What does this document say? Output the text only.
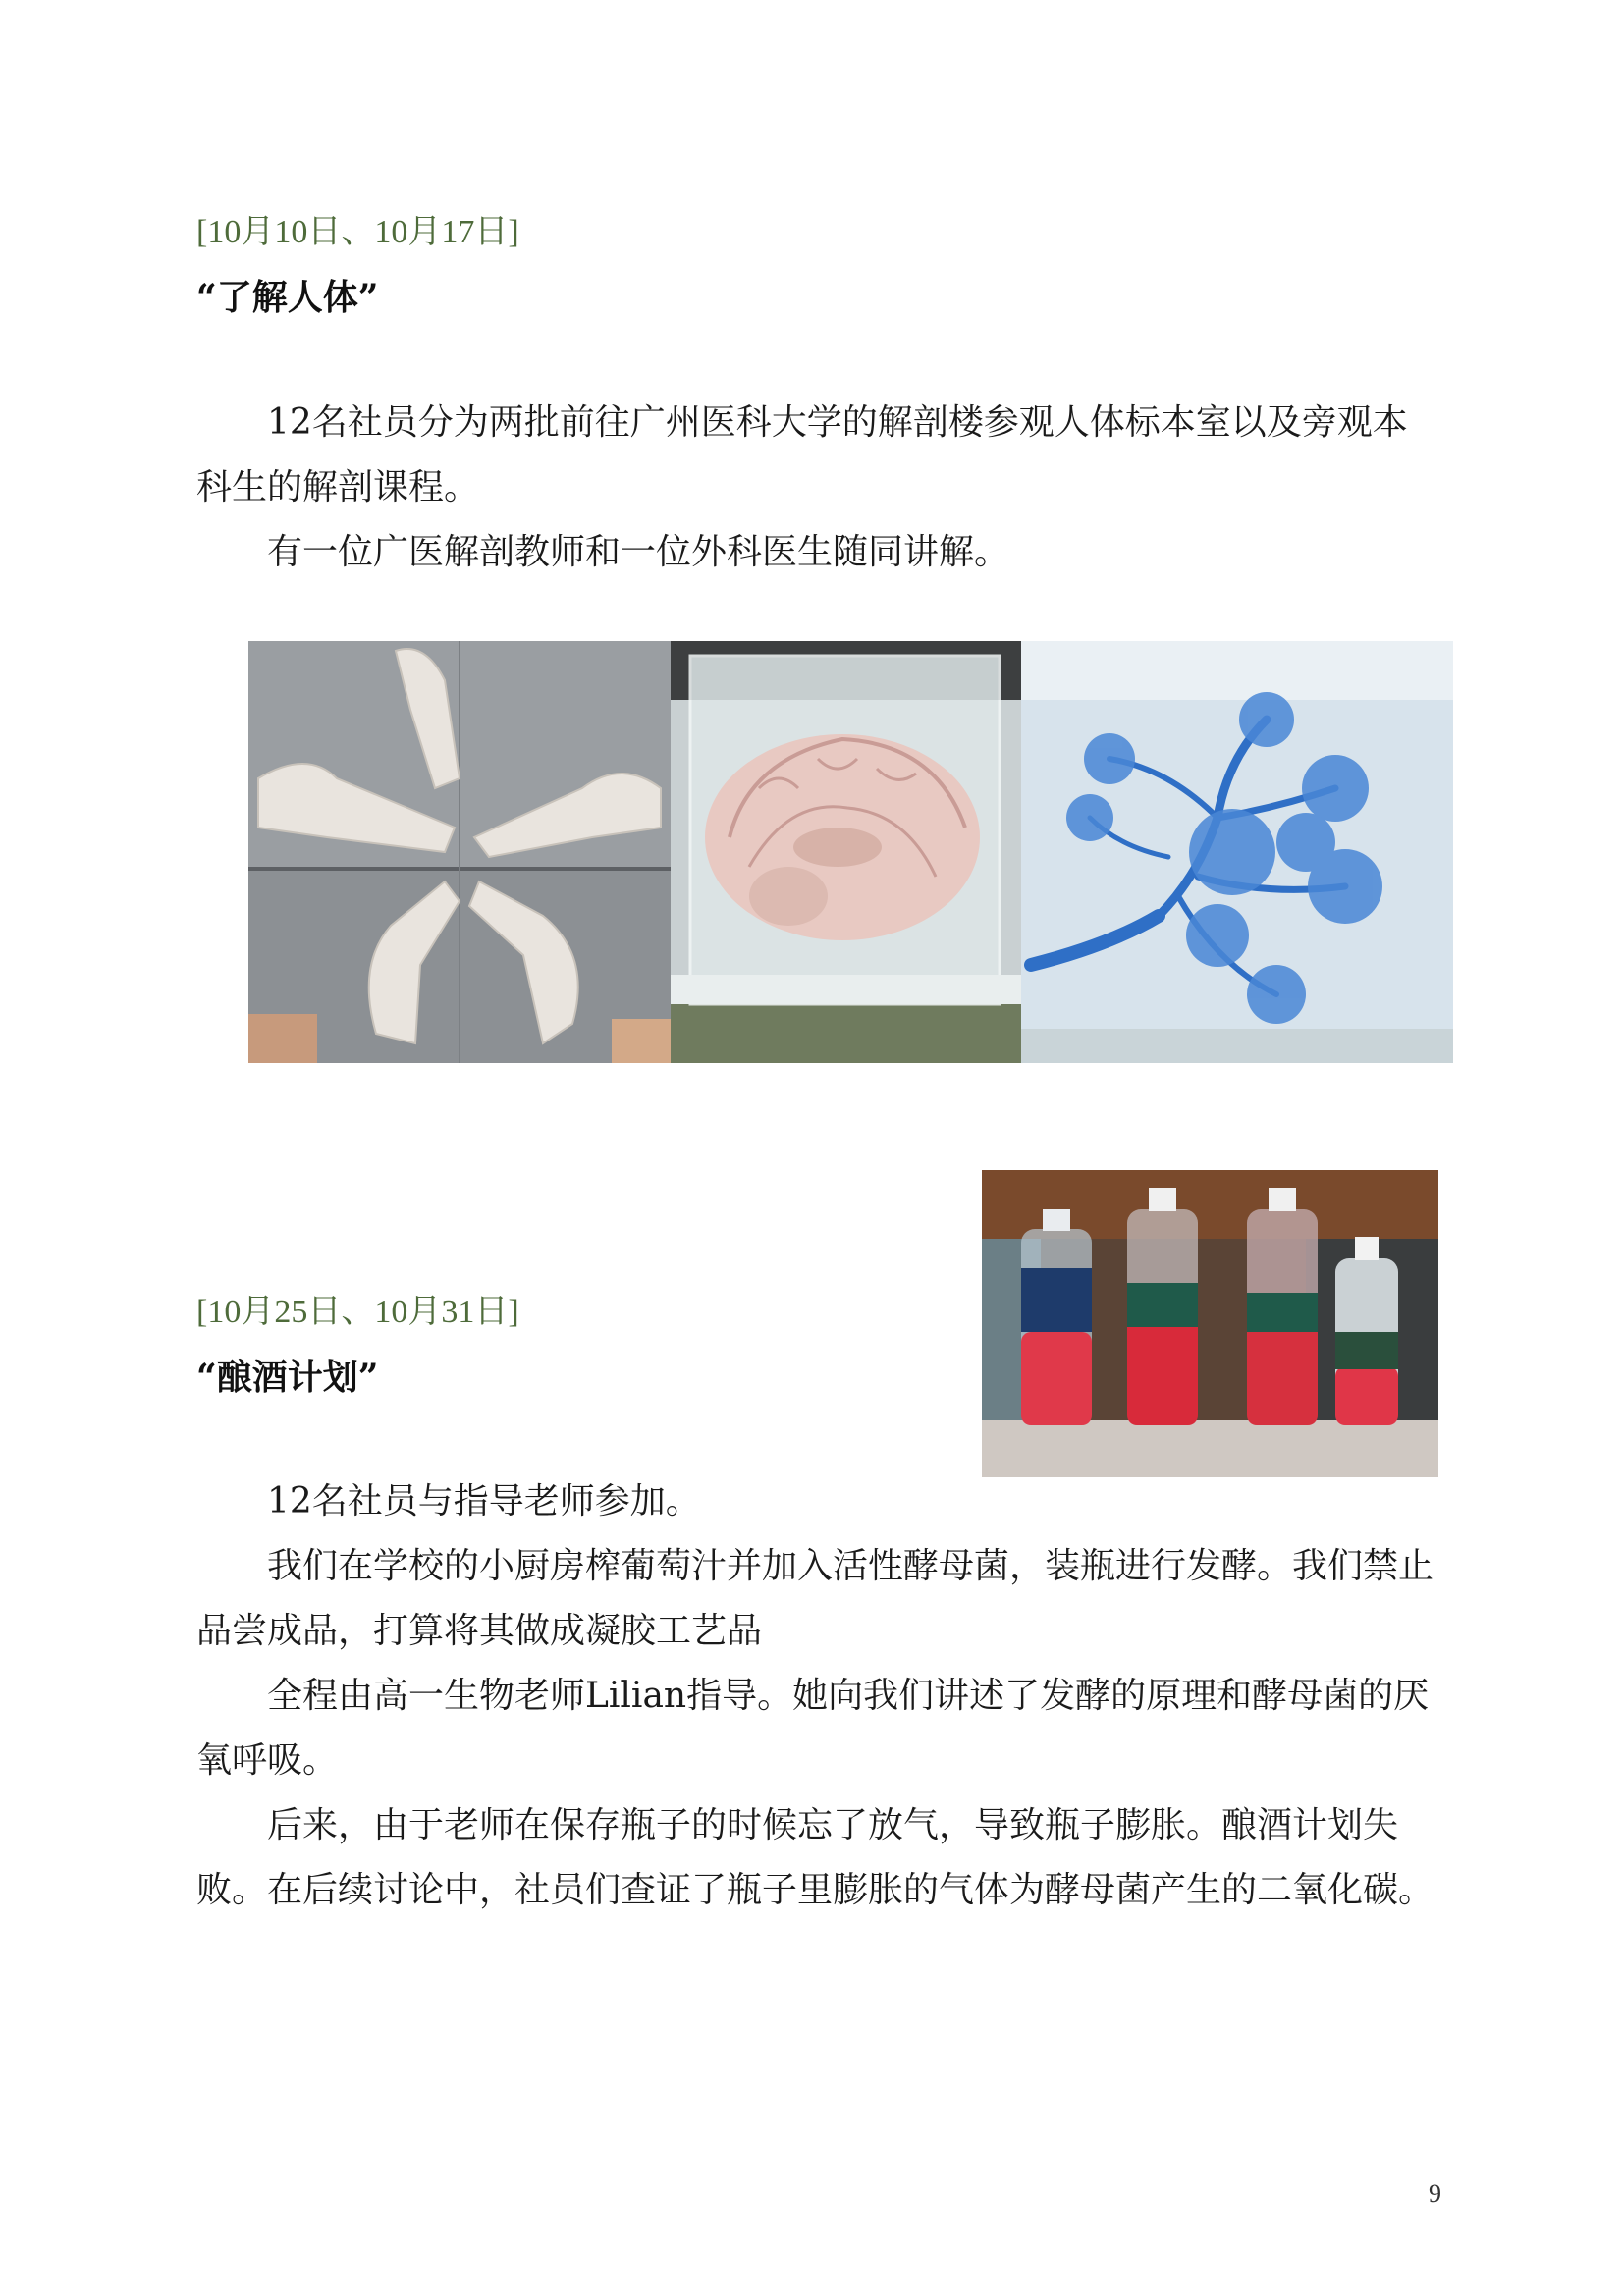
[10月10日、10月17日]
“了解人体”

12名社员分为两批前往广州医科大学的解剖楼参观人体标本室以及旁观本科生的解剖课程。

有一位广医解剖教师和一位外科医生随同讲解。

[10月25日、10月31日]
“酿酒计划”

12名社员与指导老师参加。

我们在学校的小厨房榨葡萄汁并加入活性酵母菌，装瓶进行发酵。我们禁止品尝成品，打算将其做成凝胶工艺品

全程由高一生物老师Lilian指导。她向我们讲述了发酵的原理和酵母菌的厌氧呼吸。

后来，由于老师在保存瓶子的时候忘了放气，导致瓶子膨胀。酿酒计划失败。在后续讨论中，社员们查证了瓶子里膨胀的气体为酵母菌产生的二氧化碳。

9
